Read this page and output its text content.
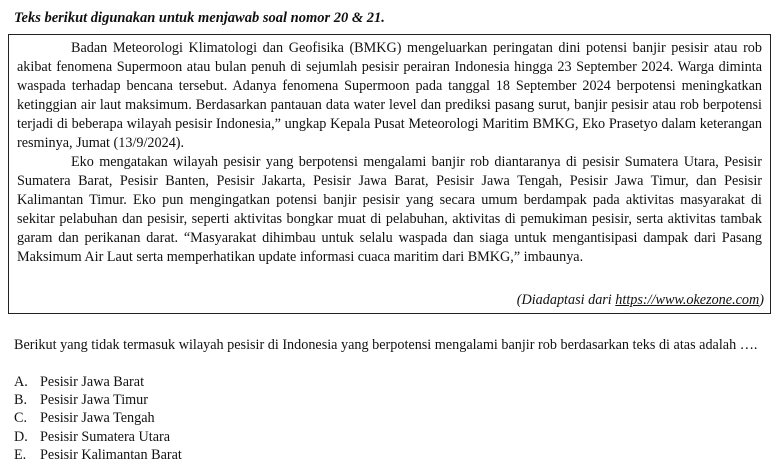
Teks berikut digunakan untuk menjawab soal nomor 20 & 21.

Badan Meteorologi Klimatologi dan Geofisika (BMKG) mengeluarkan peringatan dini potensi banjir pesisir atau rob akibat fenomena Supermoon atau bulan penuh di sejumlah pesisir perairan Indonesia hingga 23 September 2024. Warga diminta waspada terhadap bencana tersebut. Adanya fenomena Supermoon pada tanggal 18 September 2024 berpotensi meningkatkan ketinggian air laut maksimum. Berdasarkan pantauan data water level dan prediksi pasang surut, banjir pesisir atau rob berpotensi terjadi di beberapa wilayah pesisir Indonesia,” ungkap Kepala Pusat Meteorologi Maritim BMKG, Eko Prasetyo dalam keterangan resminya, Jumat (13/9/2024).

Eko mengatakan wilayah pesisir yang berpotensi mengalami banjir rob diantaranya di pesisir Sumatera Utara, Pesisir Sumatera Barat, Pesisir Banten, Pesisir Jakarta, Pesisir Jawa Barat, Pesisir Jawa Tengah, Pesisir Jawa Timur, dan Pesisir Kalimantan Timur. Eko pun mengingatkan potensi banjir pesisir yang secara umum berdampak pada aktivitas masyarakat di sekitar pelabuhan dan pesisir, seperti aktivitas bongkar muat di pelabuhan, aktivitas di pemukiman pesisir, serta aktivitas tambak garam dan perikanan darat. “Masyarakat dihimbau untuk selalu waspada dan siaga untuk mengantisipasi dampak dari Pasang Maksimum Air Laut serta memperhatikan update informasi cuaca maritim dari BMKG,” imbaunya.

(Diadaptasi dari https://www.okezone.com)

Berikut yang tidak termasuk wilayah pesisir di Indonesia yang berpotensi mengalami banjir rob berdasarkan teks di atas adalah ….

A. Pesisir Jawa Barat
B. Pesisir Jawa Timur
C. Pesisir Jawa Tengah
D. Pesisir Sumatera Utara
E. Pesisir Kalimantan Barat
